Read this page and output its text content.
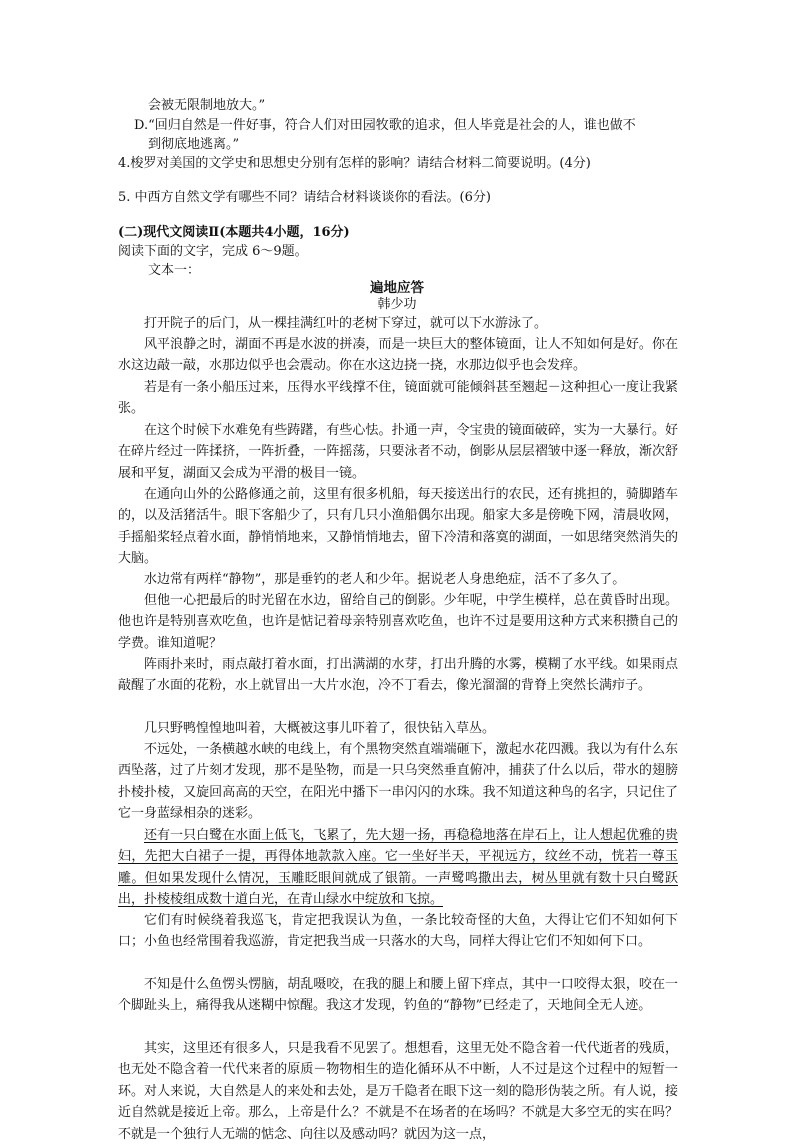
会被无限制地放大。”
D.“回归自然是一件好事，符合人们对田园牧歌的追求，但人毕竟是社会的人，谁也做不
到彻底地逃离。”
4.梭罗对美国的文学史和思想史分别有怎样的影响？请结合材料二简要说明。(4分)
5. 中西方自然文学有哪些不同？请结合材料谈谈你的看法。(6分)
(二)现代文阅读Ⅱ(本题共4小题，16分)
阅读下面的文字，完成 6～9题。
文本一：
遍地应答
韩少功

打开院子的后门，从一棵挂满红叶的老树下穿过，就可以下水游泳了。

风平浪静之时，湖面不再是水波的拼凑，而是一块巨大的整体镜面，让人不知如何是好。你在水这边敲一敲，水那边似乎也会震动。你在水这边挠一挠，水那边似乎也会发痒。

若是有一条小船压过来，压得水平线撑不住，镜面就可能倾斜甚至翘起－这种担心一度让我紧张。

在这个时候下水难免有些踌躇，有些心怯。扑通一声，令宝贵的镜面破碎，实为一大暴行。好在碎片经过一阵揉挤，一阵折叠，一阵摇荡，只要泳者不动，倒影从层层褶皱中逐一释放，渐次舒展和平复，湖面又会成为平滑的极目一镜。

在通向山外的公路修通之前，这里有很多机船，每天接送出行的农民，还有挑担的，骑脚踏车的，以及活猪活牛。眼下客船少了，只有几只小渔船偶尔出现。船家大多是傍晚下网，清晨收网，手摇船桨轻点着水面，静悄悄地来，又静悄悄地去，留下冷清和落寞的湖面，一如思绪突然消失的大脑。

水边常有两样“静物”，那是垂钓的老人和少年。据说老人身患绝症，活不了多久了。

但他一心把最后的时光留在水边，留给自己的倒影。少年呢，中学生模样，总在黄昏时出现。他也许是特别喜欢吃鱼，也许是惦记着母亲特别喜欢吃鱼，也许不过是要用这种方式来积攒自己的学费。谁知道呢？

阵雨扑来时，雨点敲打着水面，打出满湖的水芽，打出升腾的水雾，模糊了水平线。如果雨点敲醒了水面的花粉，水上就冒出一大片水泡，冷不丁看去，像光溜溜的背脊上突然长满疖子。

几只野鸭惶惶地叫着，大概被这事儿吓着了，很快钻入草丛。

不远处，一条横越水峡的电线上，有个黑物突然直端端砸下，激起水花四溅。我以为有什么东西坠落，过了片刻才发现，那不是坠物，而是一只乌突然垂直俯冲，捕获了什么以后，带水的翅膀扑棱扑棱，又旋回高高的天空，在阳光中播下一串闪闪的水珠。我不知道这种鸟的名字，只记住了它一身蓝绿相杂的迷彩。

还有一只白鹭在水面上低飞，飞累了，先大翅一扬，再稳稳地落在岸石上，让人想起优雅的贵妇，先把大白裙子一提，再得体地款款入座。它一坐好半天，平视远方，纹丝不动，恍若一尊玉雕。但如果发现什么情况，玉雕眨眼间就成了银箭。一声鹭鸣撒出去，树丛里就有数十只白鹭跃出，扑棱棱组成数十道白光，在青山绿水中绽放和飞掠。

它们有时候绕着我巡飞，肯定把我误认为鱼，一条比较奇怪的大鱼，大得让它们不知如何下口；小鱼也经常围着我巡游，肯定把我当成一只落水的大鸟，同样大得让它们不知如何下口。

不知是什么鱼愣头愣脑，胡乱嗫咬，在我的腿上和腰上留下痒点，其中一口咬得太狠，咬在一个脚趾头上，痛得我从迷糊中惊醒。我这才发现，钓鱼的“静物”已经走了，天地间全无人迹。

其实，这里还有很多人，只是我看不见罢了。想想看，这里无处不隐含着一代代逝者的残质，也无处不隐含着一代代来者的原质－物物相生的造化循环从不中断，人不过是这个过程中的短暂一环。对人来说，大自然是人的来处和去处，是万千隐者在眼下这一刻的隐形伪装之所。有人说，接近自然就是接近上帝。那么，上帝是什么？不就是不在场者的在场吗？不就是大多空无的实在吗？不就是一个独行人无端的惦念、向往以及感动吗？就因为这一点，
